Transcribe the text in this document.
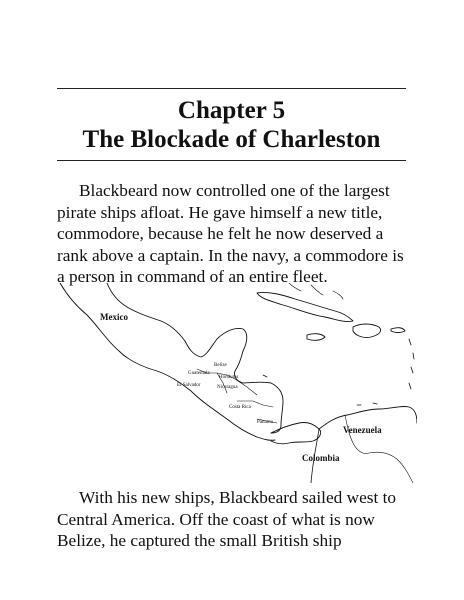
Chapter 5
The Blockade of Charleston
Blackbeard now controlled one of the largest
pirate ships afloat. He gave himself a new title,
commodore, because he felt he now deserved a
rank above a captain. In the navy, a commodore is
a person in command of an entire fleet.
Mexico
Belize
Guatemala
Honduras
El Salvador	Nicaragua
Costa Rica
Panama
Venezuela
Colombia
With his new ships, Blackbeard sailed west to
Central America. Off the coast of what is now
Belize, he captured the small British ship
